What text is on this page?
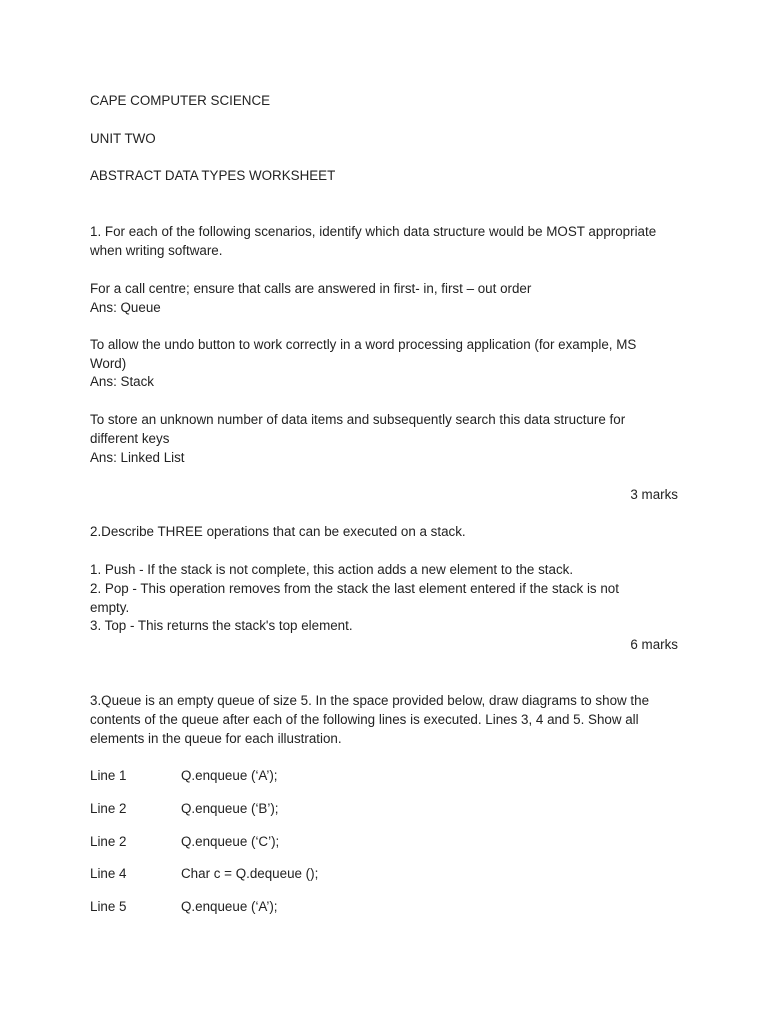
CAPE COMPUTER SCIENCE
UNIT TWO
ABSTRACT DATA TYPES WORKSHEET
1. For each of the following scenarios, identify which data structure would be MOST appropriate
when writing software.
For a call centre; ensure that calls are answered in first- in, first – out order
Ans: Queue
To allow the undo button to work correctly in a word processing application (for example, MS
Word)
Ans: Stack
To store an unknown number of data items and subsequently search this data structure for
different keys
Ans: Linked List
3 marks
2.Describe THREE operations that can be executed on a stack.
1. Push - If the stack is not complete, this action adds a new element to the stack.
2. Pop - This operation removes from the stack the last element entered if the stack is not
empty.
3. Top - This returns the stack's top element.
6 marks
3.Queue is an empty queue of size 5. In the space provided below, draw diagrams to show the
contents of the queue after each of the following lines is executed. Lines 3, 4 and 5. Show all
elements in the queue for each illustration.
Line 1	Q.enqueue (‘A’);
Line 2	Q.enqueue (‘B’);
Line 2	Q.enqueue (‘C’);
Line 4	Char c = Q.dequeue ();
Line 5	Q.enqueue (‘A’);
